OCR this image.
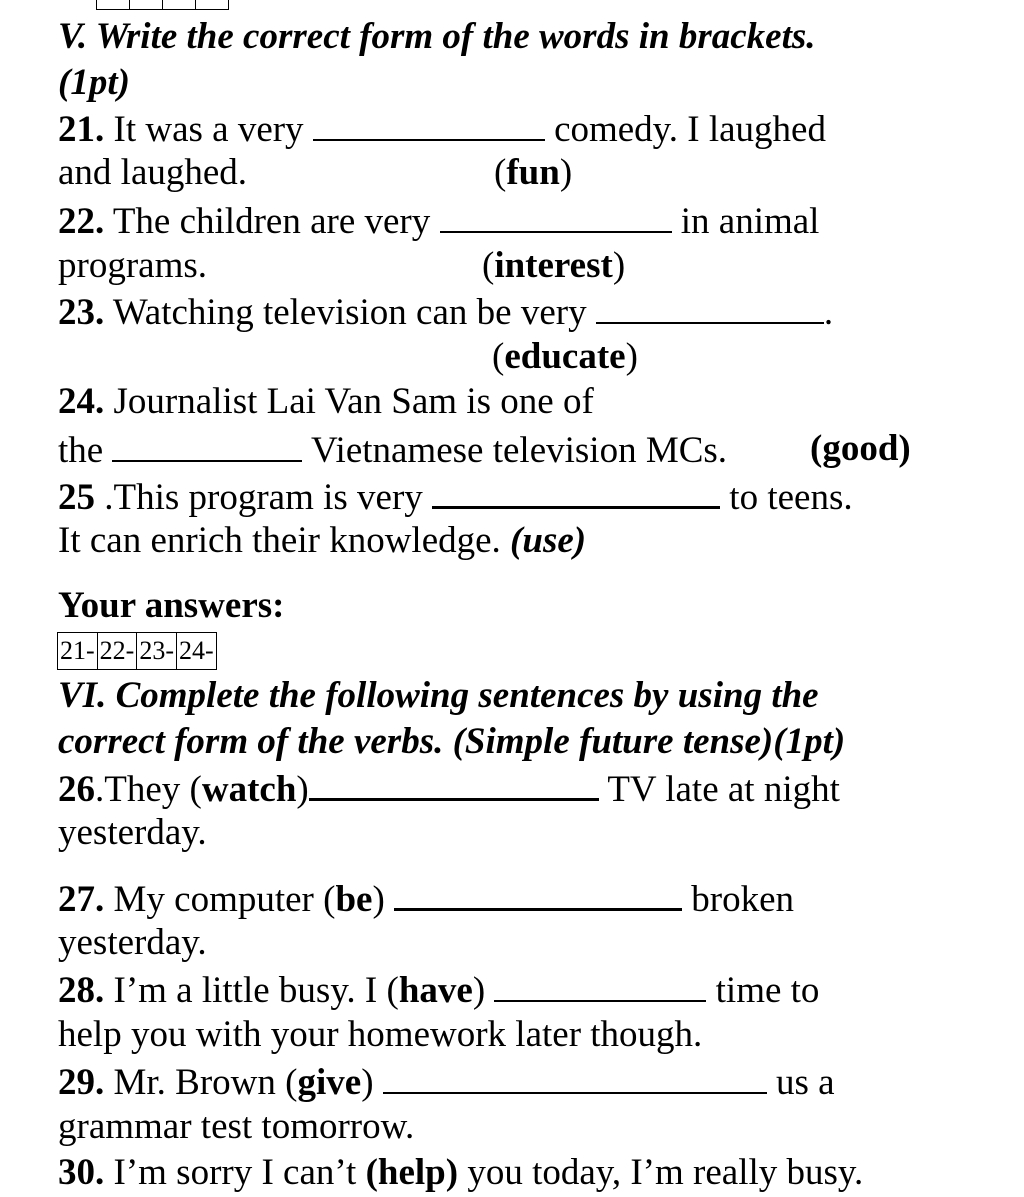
V. Write the correct form of the words in brackets.
(1pt)
21. It was a very	comedy. I laughed
and laughed.	(fun)
22. The children are very	in animal
programs.	(interest)
23. Watching television can be very	.
(educate)
24. Journalist Lai Van Sam is one of
the	Vietnamese television MCs. (good)
25 .This program is very	to teens.
It can enrich their knowledge. (use)
Your answers:
21- 22- 23- 24-
VI. Complete the following sentences by using the
correct form of the verbs. (Simple future tense)(1pt)
26.They (watch)	TV late at night
yesterday.
27. My computer (be)	broken
yesterday.
28. I’m a little busy. I (have)	time to
help you with your homework later though.
29. Mr. Brown (give)	us a
grammar test tomorrow.
30. I’m sorry I can’t (help) you today, I’m really busy.
